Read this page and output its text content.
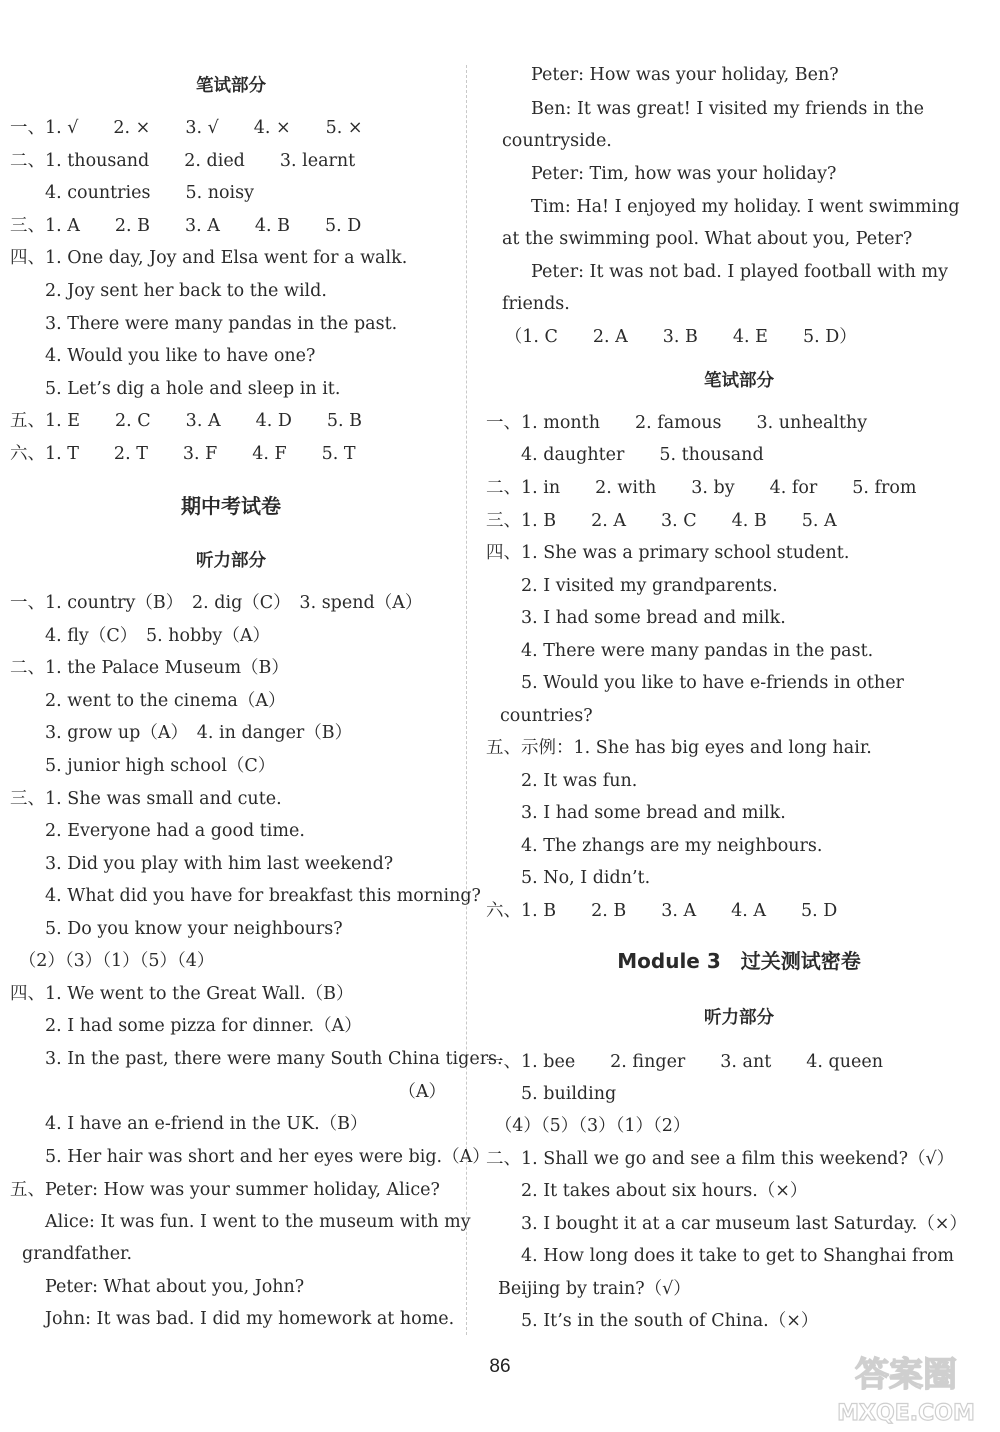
笔试部分
一、1. √　　2. ×　　3. √　　4. ×　　5. ×
二、1. thousand　　2. died　　3. learnt
　　4. countries　　5. noisy
三、1. A　　2. B　　3. A　　4. B　　5. D
四、1. One day, Joy and Elsa went for a walk.
　　2. Joy sent her back to the wild.
　　3. There were many pandas in the past.
　　4. Would you like to have one?
　　5. Let’s dig a hole and sleep in it.
五、1. E　　2. C　　3. A　　4. D　　5. B
六、1. T　　2. T　　3. F　　4. F　　5. T
期中考试卷
听力部分
一、1. country（B）　2. dig（C）　3. spend（A）
　　4. fly（C）　5. hobby（A）
二、1. the Palace Museum（B）
　　2. went to the cinema（A）
　　3. grow up（A）　4. in danger（B）
　　5. junior high school（C）
三、1. She was small and cute.
　　2. Everyone had a good time.
　　3. Did you play with him last weekend?
　　4. What did you have for breakfast this morning?
　　5. Do you know your neighbours?
　（2）（3）（1）（5）（4）
四、1. We went to the Great Wall.（B）
　　2. I had some pizza for dinner.（A）
　　3. In the past, there were many South China tigers.
（A）
　　4. I have an e-friend in the UK.（B）
　　5. Her hair was short and her eyes were big.（A）
五、Peter: How was your summer holiday, Alice?
　　Alice: It was fun. I went to the museum with my
grandfather.
　　Peter: What about you, John?
　　John: It was bad. I did my homework at home.
　　Peter: How was your holiday, Ben?
　　Ben: It was great! I visited my friends in the
countryside.
　　Peter: Tim, how was your holiday?
　　Tim: Ha! I enjoyed my holiday. I went swimming
at the swimming pool. What about you, Peter?
　　Peter: It was not bad. I played football with my
friends.
　（1. C　　2. A　　3. B　　4. E　　5. D）
笔试部分
一、1. month　　2. famous　　3. unhealthy
　　4. daughter　　5. thousand
二、1. in　　2. with　　3. by　　4. for　　5. from
三、1. B　　2. A　　3. C　　4. B　　5. A
四、1. She was a primary school student.
　　2. I visited my grandparents.
　　3. I had some bread and milk.
　　4. There were many pandas in the past.
　　5. Would you like to have e-friends in other
countries?
五、示例：1. She has big eyes and long hair.
　　2. It was fun.
　　3. I had some bread and milk.
　　4. The zhangs are my neighbours.
　　5. No, I didn’t.
六、1. B　　2. B　　3. A　　4. A　　5. D
Module 3　过关测试密卷
听力部分
一、1. bee　　2. finger　　3. ant　　4. queen
　　5. building
　（4）（5）（3）（1）（2）
二、1. Shall we go and see a film this weekend?（√）
　　2. It takes about six hours.（×）
　　3. I bought it at a car museum last Saturday.（×）
　　4. How long does it take to get to Shanghai from
Beijing by train?（√）
　　5. It’s in the south of China.（×）
86	答案圈
MXQE.COM
